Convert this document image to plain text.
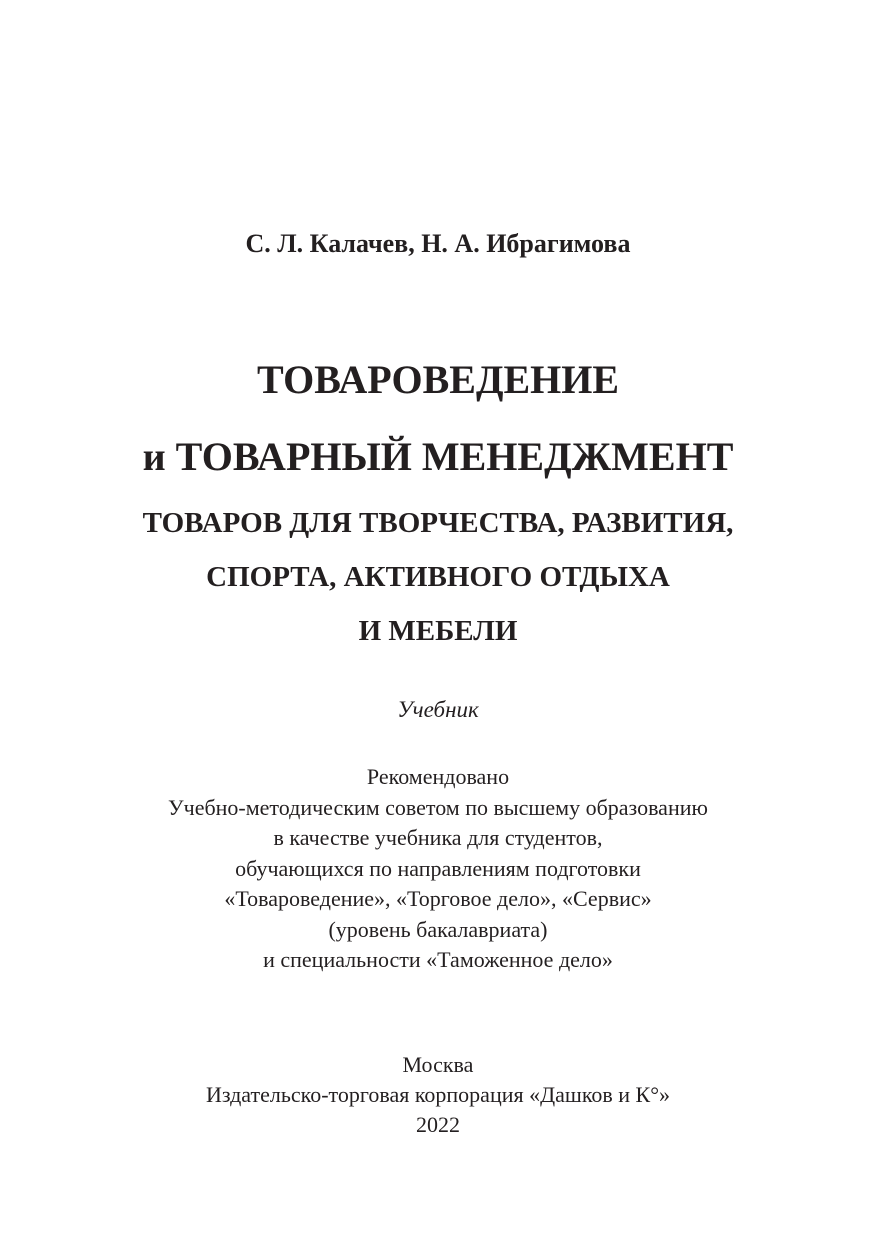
С. Л. Калачев, Н. А. Ибрагимова
ТОВАРОВЕДЕНИЕ
и ТОВАРНЫЙ МЕНЕДЖМЕНТ
ТОВАРОВ ДЛЯ ТВОРЧЕСТВА, РАЗВИТИЯ,
СПОРТА, АКТИВНОГО ОТДЫХА
И МЕБЕЛИ
Учебник
Рекомендовано
Учебно-методическим советом по высшему образованию
в качестве учебника для студентов,
обучающихся по направлениям подготовки
«Товароведение», «Торговое дело», «Сервис»
(уровень бакалавриата)
и специальности «Таможенное дело»
Москва
Издательско-торговая корпорация «Дашков и К°»
2022
